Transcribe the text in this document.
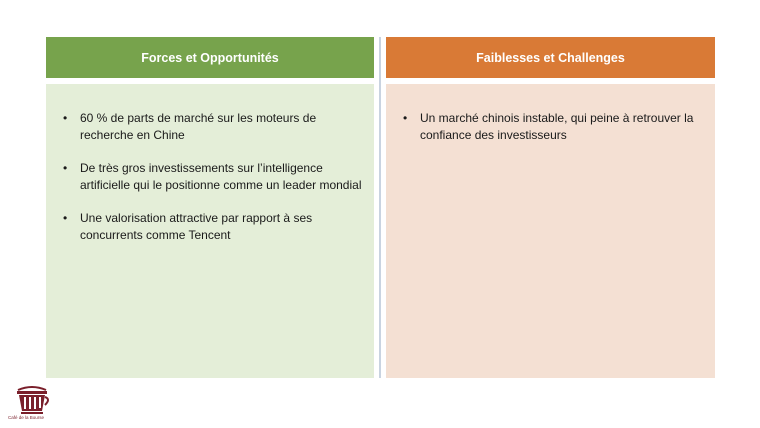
Forces et Opportunités
• 60 % de parts de marché sur les moteurs de recherche en Chine
• De très gros investissements sur l’intelligence artificielle qui le positionne comme un leader mondial
• Une valorisation attractive par rapport à ses concurrents comme Tencent
Faiblesses et Challenges
• Un marché chinois instable, qui peine à retrouver la confiance des investisseurs
Café de la Bourse
